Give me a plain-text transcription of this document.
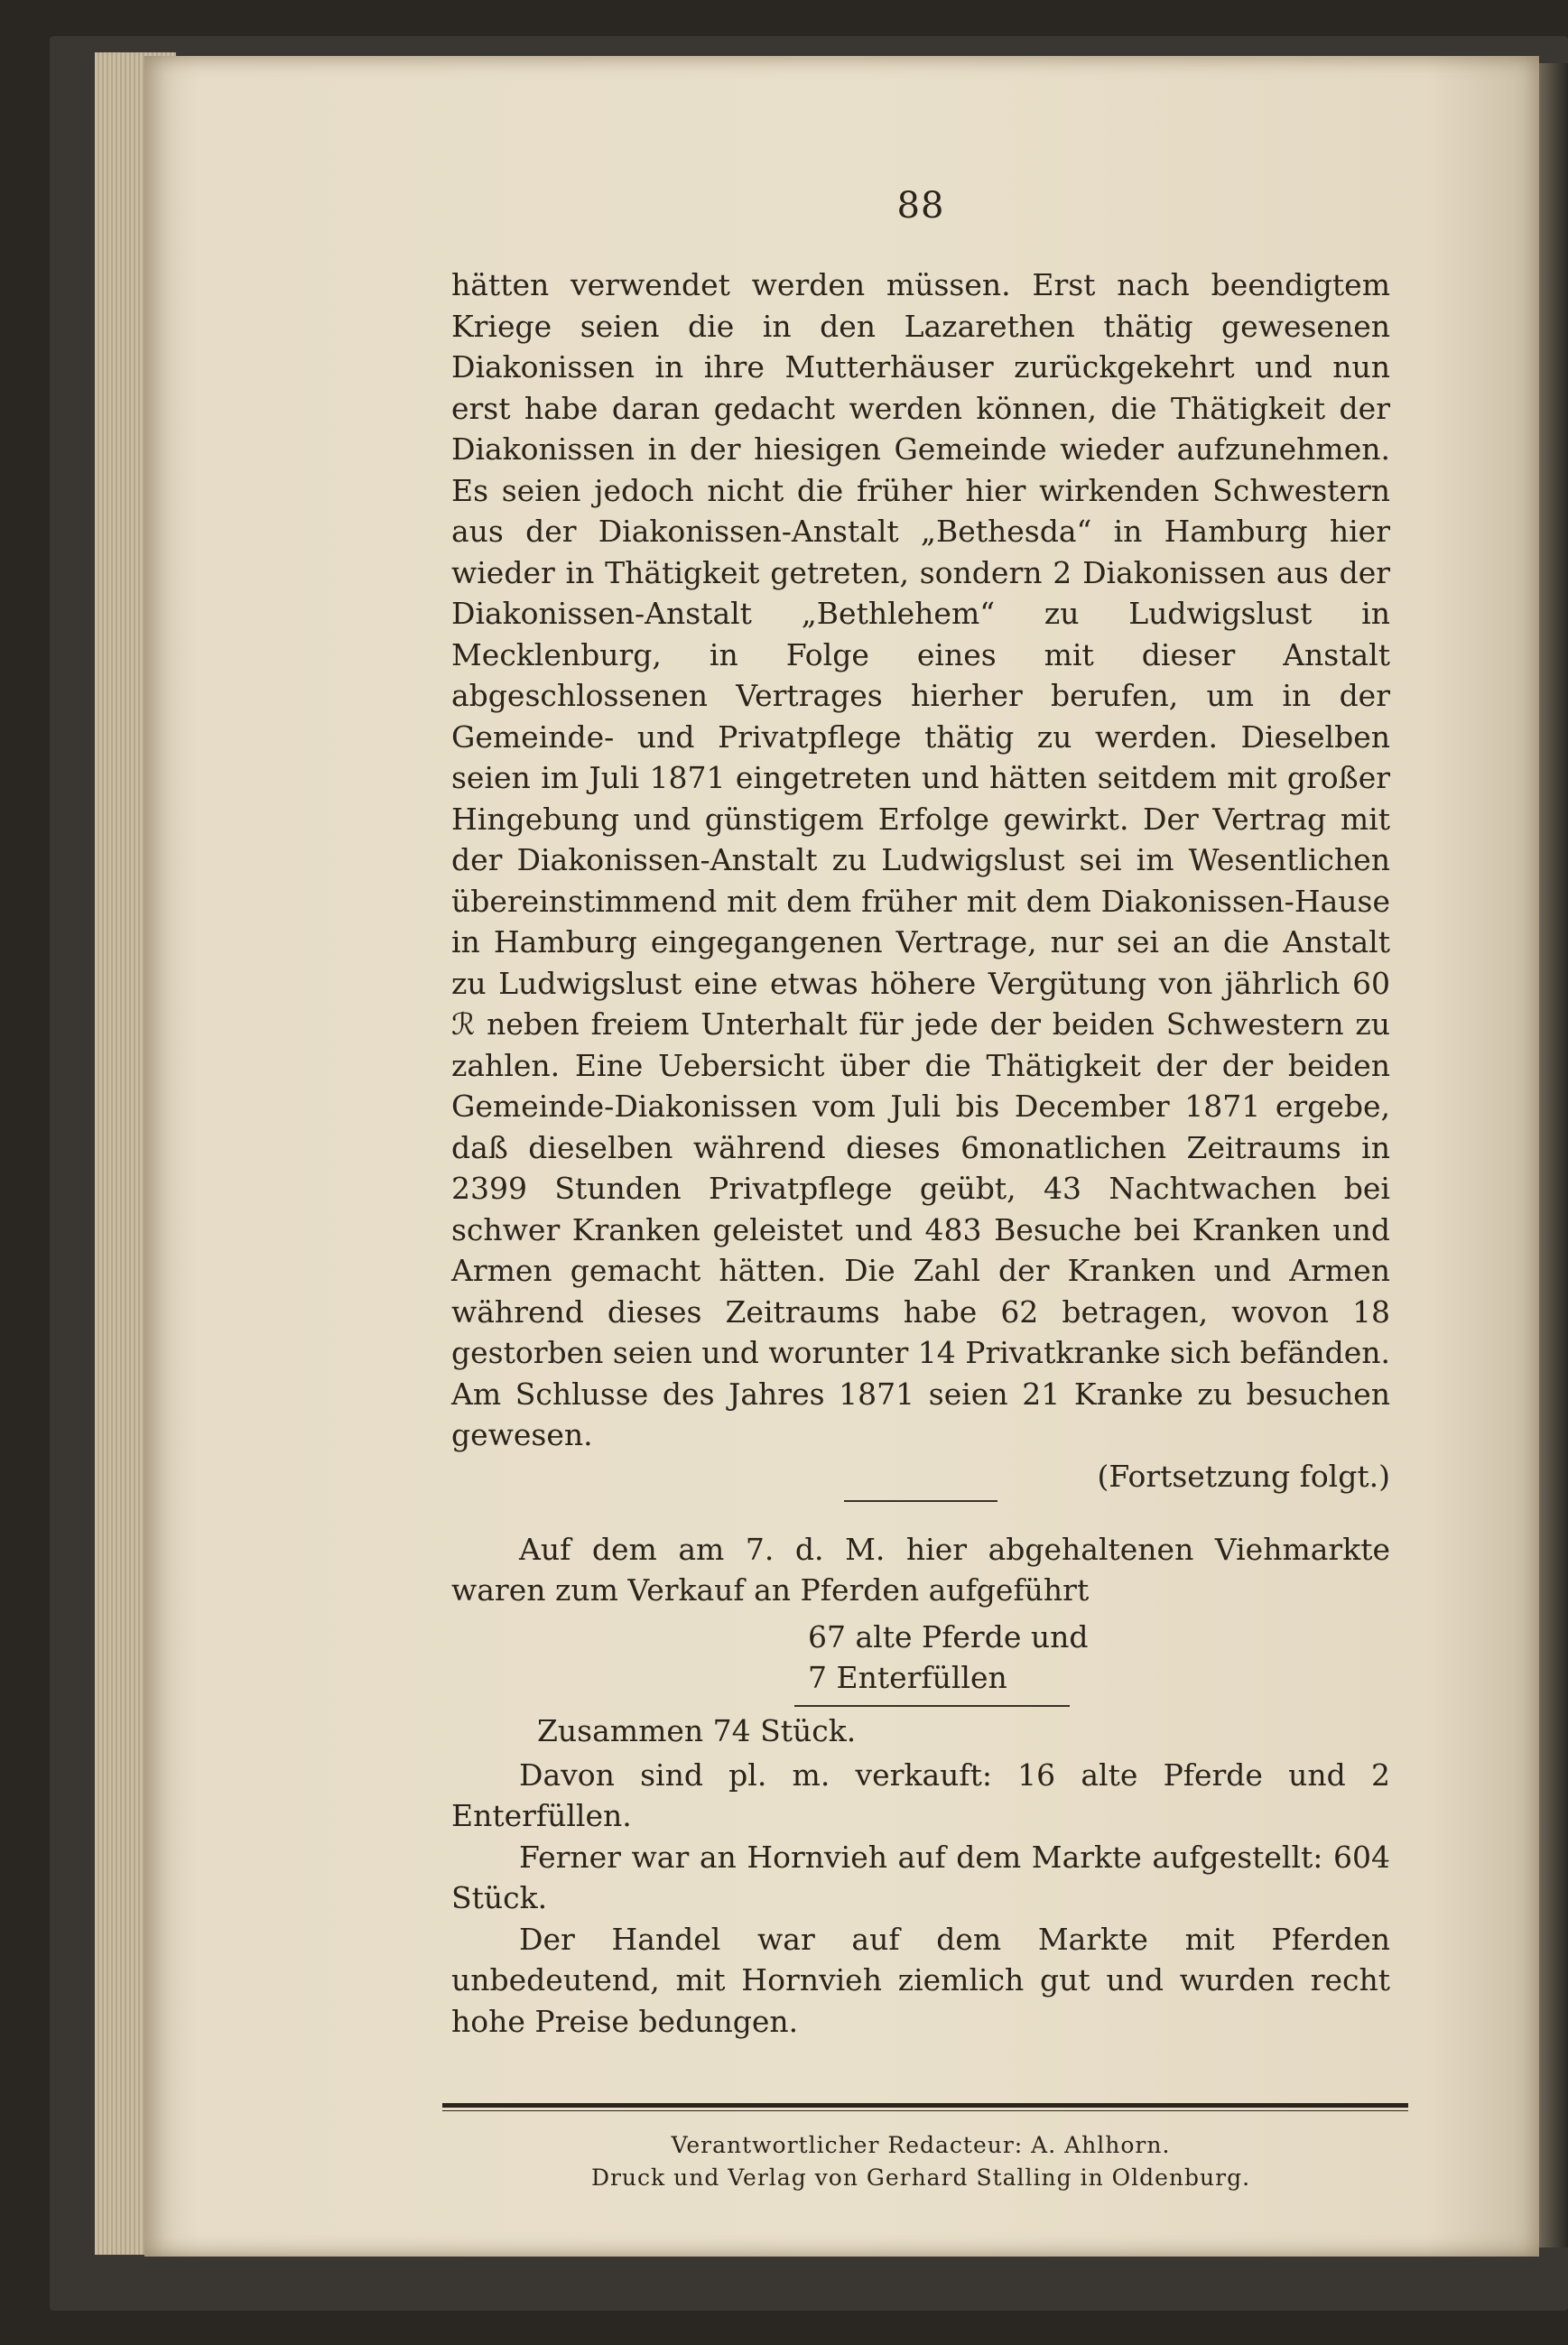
88

hätten verwendet werden müssen. Erst nach beendigtem Kriege seien die in den Lazarethen thätig gewesenen Diakonissen in ihre Mutterhäuser zurückgekehrt und nun erst habe daran gedacht werden können, die Thätigkeit der Diakonissen in der hiesigen Gemeinde wieder aufzunehmen. Es seien jedoch nicht die früher hier wirkenden Schwestern aus der Diakonissen-Anstalt „Bethesda“ in Hamburg hier wieder in Thätigkeit getreten, sondern 2 Diakonissen aus der Diakonissen-Anstalt „Bethlehem“ zu Ludwigslust in Mecklenburg, in Folge eines mit dieser Anstalt abgeschlossenen Vertrages hierher berufen, um in der Gemeinde- und Privatpflege thätig zu werden. Dieselben seien im Juli 1871 eingetreten und hätten seitdem mit großer Hingebung und günstigem Erfolge gewirkt. Der Vertrag mit der Diakonissen-Anstalt zu Ludwigslust sei im Wesentlichen übereinstimmend mit dem früher mit dem Diakonissen-Hause in Hamburg eingegangenen Vertrage, nur sei an die Anstalt zu Ludwigslust eine etwas höhere Vergütung von jährlich 60 ℛ neben freiem Unterhalt für jede der beiden Schwestern zu zahlen. Eine Uebersicht über die Thätigkeit der der beiden Gemeinde-Diakonissen vom Juli bis December 1871 ergebe, daß dieselben während dieses 6monatlichen Zeitraums in 2399 Stunden Privatpflege geübt, 43 Nachtwachen bei schwer Kranken geleistet und 483 Besuche bei Kranken und Armen gemacht hätten. Die Zahl der Kranken und Armen während dieses Zeitraums habe 62 betragen, wovon 18 gestorben seien und worunter 14 Privatkranke sich befänden. Am Schlusse des Jahres 1871 seien 21 Kranke zu besuchen gewesen.

(Fortsetzung folgt.)

Auf dem am 7. d. M. hier abgehaltenen Viehmarkte waren zum Verkauf an Pferden aufgeführt

67 alte Pferde und
7 Enterfüllen

Zusammen 74 Stück.

Davon sind pl. m. verkauft: 16 alte Pferde und 2 Enterfüllen.

Ferner war an Hornvieh auf dem Markte aufgestellt: 604 Stück.

Der Handel war auf dem Markte mit Pferden unbedeutend, mit Hornvieh ziemlich gut und wurden recht hohe Preise bedungen.

Verantwortlicher Redacteur: A. Ahlhorn.

Druck und Verlag von Gerhard Stalling in Oldenburg.
